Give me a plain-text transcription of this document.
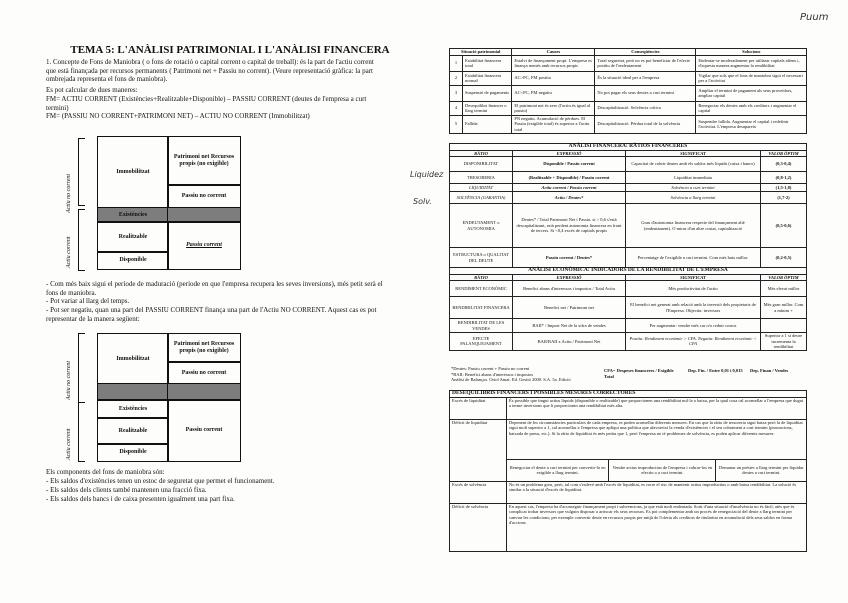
Puum
Liquidez
Solv.
TEMA 5: L'ANÀLISI PATRIMONIAL I L'ANÀLISI FINANCERA
1. Concepte de Fons de Maniobra ( o fons de rotació o capital corrent o capital de treball): és la part de l'actiu corrent que està finançada per recursos permanents ( Patrimoni net + Passiu no corrent). (Veure representació gràfica: la part ombrejada representa el fons de maniobra).
Es pot calcular de dues maneres:
FM= ACTIU CORRENT (Existències+Realitzable+Disponible) – PASSIU CORRENT (deutes de l'empresa a curt termini)
FM= (PASSIU NO CORRENT+PATRIMONI NET) – ACTIU NO CORRENT (Immobilitzat)
Actiu no corrent
Actiu corrent
Immobilitzat
Existències
Realitzable
Disponible
Patrimoni net Recursos propis (no exigible)
Passiu no corrent
Passiu corrent
- Com més baix sigui el període de maduració (període en que l'empresa recupera les seves inversions), més petit serà el fons de maniobra.
- Pot variar al llarg del temps.
- Pot ser negatiu, quan una part del PASSIU CORRENT finança una part de l'Actiu NO CORRENT. Aquest cas es pot representar de la manera següent:
Actiu no corrent
Actiu corrent
Immobilitzat
Existències
Realitzable
Disponible
Patrimoni net Recursos propis (no exigible)
Passiu no corrent
Passiu corrent
Els components del fons de maniobra són:
- Els saldos d'existències tenen un estoc de seguretat que permet el funcionament.
- Els saldos dels clients també mantenen una fracció fixa.
- Els saldos dels bancs i de caixa presenten igualment una part fixa.
Situació patrimonial		Causes	Conseqüències	Solucions
1	Estabilitat financera total	Estalvi de finançament propi. L'empresa es finança només amb recursos propis	Total seguretat, però no es pot beneficiar de l'efecte positiu de l'endeutament	Endeutar-se moderadament per utilitzar capitals aliens i, d'aquesta manera augmentar la rendibilitat
2	Estabilitat financera normal	AC>PC, FM positiu	És la situació ideal per a l'empresa	Vigilar que sols que el fons de maniobra sigui el necessari per a l'activitat
3	Suspensió de pagaments	AC<PC, FM negatiu	No pot pagar els seus deutes a curt termini	Ampliar el termini de pagament als seus proveïdors, ampliar capital
4	Desequilibri financer o llarg termini	El patrimoni net és zero (l'actiu és igual al passiu)	Descapitalització. Solvència crítica	Renegociar els deutes amb els creditors i augmentar el capital
5	Fallida	PN negatiu. Acumulació de pèrdues. El Passiu (exigible total) és superior a l'actiu total	Descapitalització. Pèrdua total de la solvència	Suspendre fallida. Augmentar el capital i redefinir l'activitat. L'empresa desapareix
ANÀLISI FINANCERA: RÀTIOS FINANCERES			
RÀTIO	EXPRESSIÓ	SIGNIFICAT	VALOR ÒPTIM
DISPONIBILITAT	Disponible / Passiu corrent	Capacitat de cobrir deutes amb els saldos més líquids (caixa i bancs)	(0,3-0,4)
TRESORERIA	(Realitzable + Disponible) / Passiu corrent	Liquiditat immediata	(0,8-1,2)
LIQUIDITAT	Actiu corrent / Passiu corrent	Solvència a curt termini	(1,5-1,8)
SOLVÈNCIA (GARANTIA)	Actiu / Deutes*	Solvència a llarg termini	(1,7-2)
ENDEUTAMENT o AUTONOMIA	Deutes* / Total Patrimoni Net i Passiu. si > 0,6 s'està descapitalitzant, està perdent autonomia financera en front de tercers. Si <0,4 excés de capitals propis	Grau d'autonomia financera respecte del finançament aliè (endeutament). O mirar d'un altre costat, capitalització	(0,5-0,6)
ESTRUCTURA o QUALITAT DEL DEUTE	Passiu corrent / Deutes*	Percentatge de l'exigible a curt termini. Com més baix millor.	(0,2-0,5)
ANÀLISI ECONÒMICA: INDICADORS DE LA RENDIBILITAT DE L'EMPRESA			
RÀTIO	EXPRESSIÓ	SIGNIFICAT	VALOR ÒPTIM
RENDIMENT ECONÒMIC	Benefici abans d'interessos i impostos / Total Actiu	Més productivitat de l'actiu	Més elevat millor
RENDIBILITAT FINANCERA	Benefici net / Patrimoni net	El benefici net generat amb relació amb la inversió dels propietaris de l'Empresa. Objectiu: inversors	Més gran millor. Com a mínim +
RENDIBILITAT DE LES VENDES	BAII* / Import Net de la xifra de vendes	Per augmentar: vendre més car o/o reduir costos	
EFECTE PALANQUEJAMENT	BAII/BAII x Actiu / Patrimoni Net	Positiu: Rendiment econòmic > CFA. Negatiu: Rendiment econòmic < CFA	Superior a 1 si deure incrementa la rendibilitat
*Deutes: Passiu corrent + Passiu no corrent
*BAII: Benefici abans d'interessos i impostos
Anàlisi de Balanços. Oriol Amat. Ed. Gestió 2000. S.A. 5a. Edició
CFA= Despeses financeres / Exigible Total
Dep. Fin. / Entre 0,01 i 0,015	Dep. Finan / Vendes
DESEQUILIBRIS FINANCERS I POSSIBLES MESURES CORRECTORES			
Excés de liquiditat	És possible que tingui actius líquids (disponible o realitzable) que proporcionen una rendibilitat nul·la o baixa, per la qual cosa cal aconsellar a l'empresa que dugui a terme inversions que li proporcionin una rendibilitat més alta.		
Dèficit de liquiditat	Depenent de les circumstàncies particulars de cada empresa, es poden aconsellar diferents mesures. En cas que la ràtio de tresoreria sigui baixa però la de liquiditat sigui molt superior a 1, cal aconsellar a l'empresa que apliqui una política que afavoreixi la venda d'existències i el seu cobrament a curt termini (promocions, baixada de preus, etc.). Si la ràtio de liquiditat és més petita que 1, però l'empresa no té problemes de solvència, es poden aplicar diferents mesures:		
	Renegociar el deute a curt termini per convertir-lo en exigible a llarg termini.	Vendre actius improductius de l'empresa i cobrar-los en efectiu o a curt termini.	Demanar un préstec a llarg termini per liquidar deutes a curt termini.
Excés de solvència	No és un problema greu, però, tal com s'esdevé amb l'excés de liquiditat, es corre el risc de mantenir actius improductius o amb baixa rendibilitat. La solució és similar a la situació d'excés de liquiditat.		
Dèficit de solvència	En aquest cas, l'empresa ha d'aconseguir finançament propi i subvencions, ja que està molt endeutada. Sorti d'una situació d'insolvència no és fàcil, atès que és complicat trobar inversors que vulguin disposar a arriscar els seus recursos. Es pot complementar amb un procés de renegociació del deute a llarg termini per canviar les condicions; per exemple convertir deute en recursos propis per mitjà de l'oferta als creditors de titularitat en acumulació dels seus saldos en forma d'accions.		
